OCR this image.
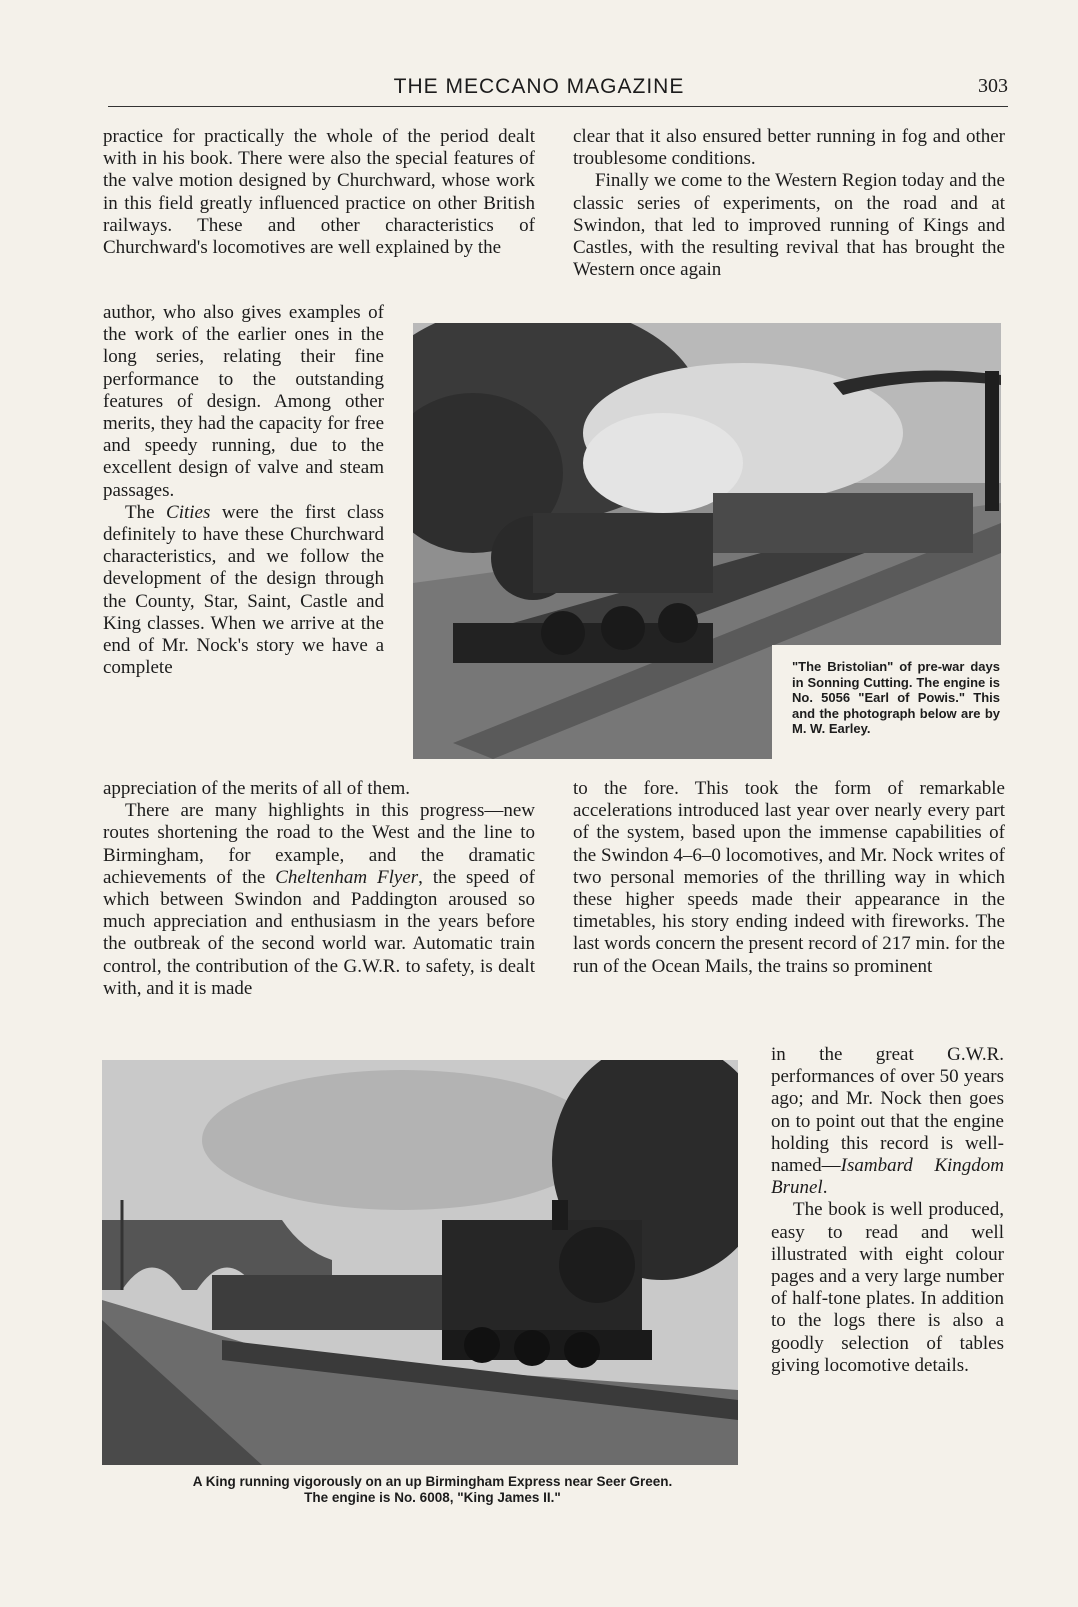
THE MECCANO MAGAZINE	303

practice for practically the whole of the period dealt with in his book. There were also the special features of the valve motion designed by Churchward, whose work in this field greatly influenced practice on other British railways. These and other characteristics of Churchward's locomotives are well explained by the

author, who also gives examples of the work of the earlier ones in the long series, relating their fine performance to the outstanding features of design. Among other merits, they had the capacity for free and speedy running, due to the excellent design of valve and steam passages.

The Cities were the first class definitely to have these Churchward characteristics, and we follow the development of the design through the County, Star, Saint, Castle and King classes. When we arrive at the end of Mr. Nock's story we have a complete

appreciation of the merits of all of them.

There are many highlights in this progress—new routes shortening the road to the West and the line to Birmingham, for example, and the dramatic achievements of the Cheltenham Flyer, the speed of which between Swindon and Paddington aroused so much appreciation and enthusiasm in the years before the outbreak of the second world war. Automatic train control, the contribution of the G.W.R. to safety, is dealt with, and it is made

clear that it also ensured better running in fog and other troublesome conditions.

Finally we come to the Western Region today and the classic series of experiments, on the road and at Swindon, that led to improved running of Kings and Castles, with the resulting revival that has brought the Western once again

"The Bristolian" of pre-war days in Sonning Cutting. The engine is No. 5056 "Earl of Powis." This and the photograph below are by M. W. Earley.

to the fore. This took the form of remarkable accelerations introduced last year over nearly every part of the system, based upon the immense capabilities of the Swindon 4–6–0 locomotives, and Mr. Nock writes of two personal memories of the thrilling way in which these higher speeds made their appearance in the timetables, his story ending indeed with fireworks. The last words concern the present record of 217 min. for the run of the Ocean Mails, the trains so prominent

in the great G.W.R. performances of over 50 years ago; and Mr. Nock then goes on to point out that the engine holding this record is well-named—Isambard Kingdom Brunel.

The book is well produced, easy to read and well illustrated with eight colour pages and a very large number of half-tone plates. In addition to the logs there is also a goodly selection of tables giving locomotive details.

A King running vigorously on an up Birmingham Express near Seer Green.
The engine is No. 6008, "King James II."
